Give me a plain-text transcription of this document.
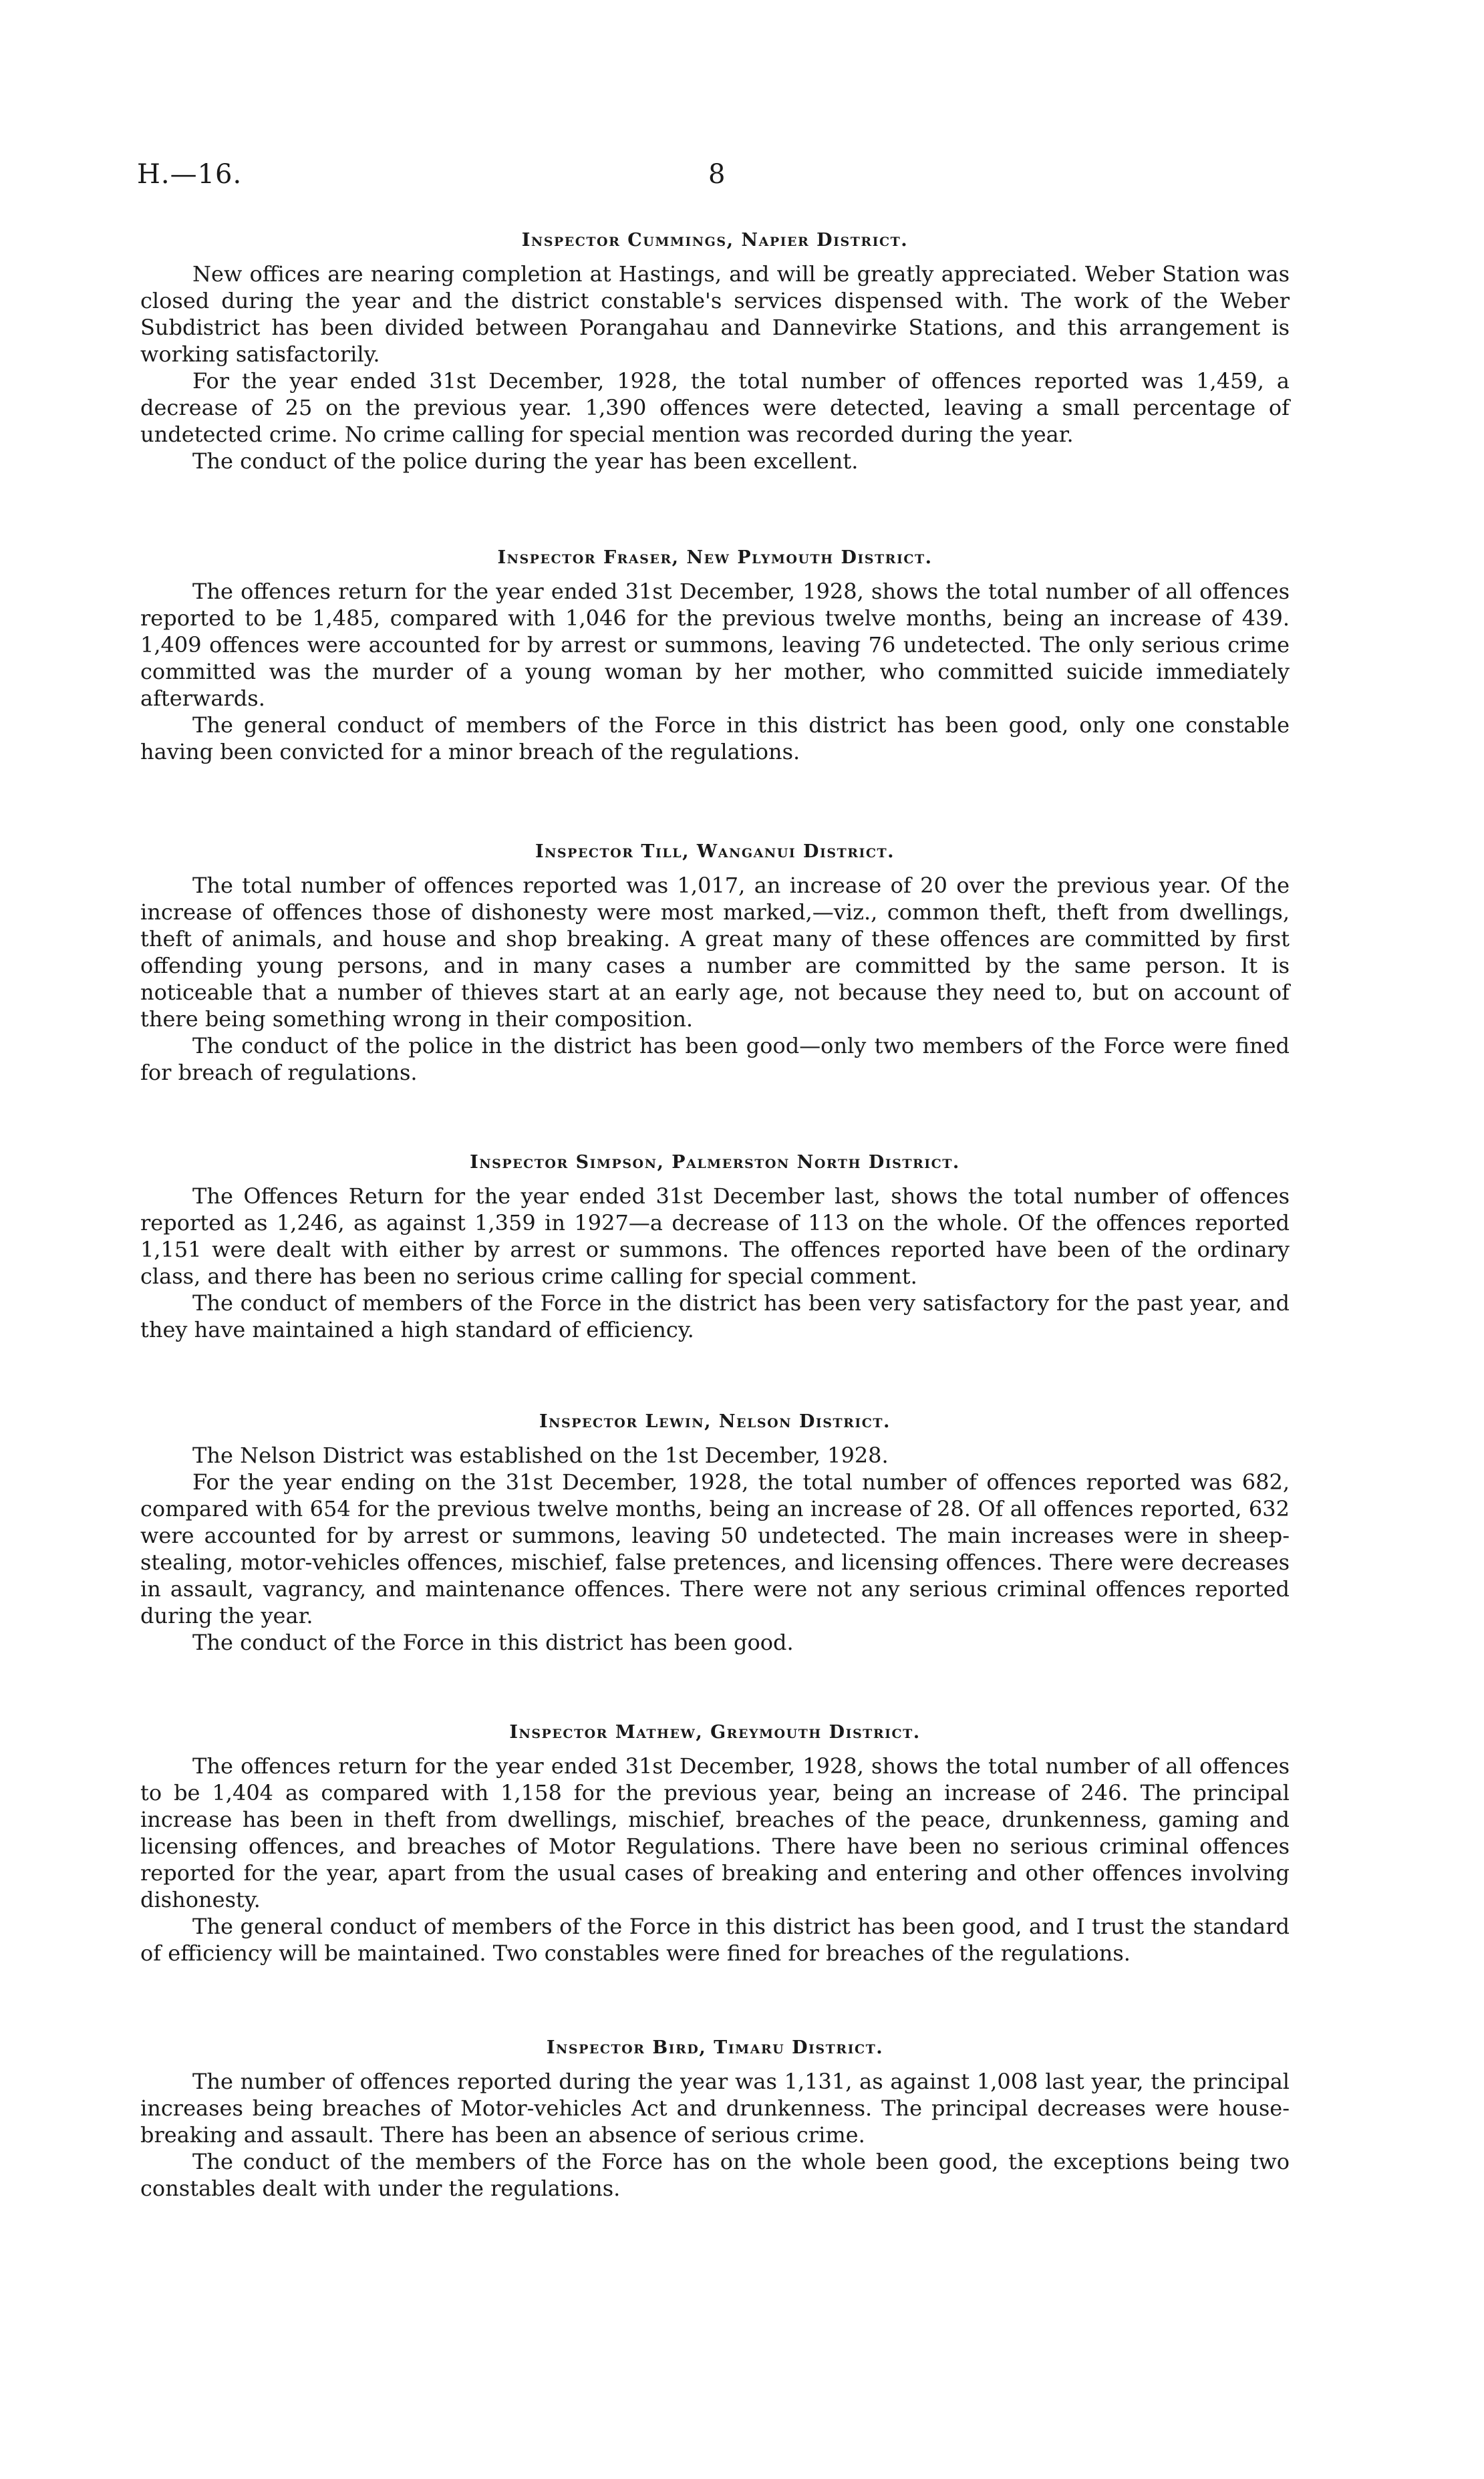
H.—16.	8
Inspector Cummings, Napier District.

New offices are nearing completion at Hastings, and will be greatly appreciated. Weber Station was closed during the year and the district constable's services dispensed with. The work of the Weber Subdistrict has been divided between Porangahau and Dannevirke Stations, and this arrangement is working satisfactorily.

For the year ended 31st December, 1928, the total number of offences reported was 1,459, a decrease of 25 on the previous year. 1,390 offences were detected, leaving a small percentage of undetected crime. No crime calling for special mention was recorded during the year.

The conduct of the police during the year has been excellent.

Inspector Fraser, New Plymouth District.

The offences return for the year ended 31st December, 1928, shows the total number of all offences reported to be 1,485, compared with 1,046 for the previous twelve months, being an increase of 439. 1,409 offences were accounted for by arrest or summons, leaving 76 undetected. The only serious crime committed was the murder of a young woman by her mother, who committed suicide immediately afterwards.

The general conduct of members of the Force in this district has been good, only one constable having been convicted for a minor breach of the regulations.

Inspector Till, Wanganui District.

The total number of offences reported was 1,017, an increase of 20 over the previous year. Of the increase of offences those of dishonesty were most marked,—viz., common theft, theft from dwellings, theft of animals, and house and shop breaking. A great many of these offences are committed by first offending young persons, and in many cases a number are committed by the same person. It is noticeable that a number of thieves start at an early age, not because they need to, but on account of there being something wrong in their composition.

The conduct of the police in the district has been good—only two members of the Force were fined for breach of regulations.

Inspector Simpson, Palmerston North District.

The Offences Return for the year ended 31st December last, shows the total number of offences reported as 1,246, as against 1,359 in 1927—a decrease of 113 on the whole. Of the offences reported 1,151 were dealt with either by arrest or summons. The offences reported have been of the ordinary class, and there has been no serious crime calling for special comment.

The conduct of members of the Force in the district has been very satisfactory for the past year, and they have maintained a high standard of efficiency.

Inspector Lewin, Nelson District.

The Nelson District was established on the 1st December, 1928.

For the year ending on the 31st December, 1928, the total number of offences reported was 682, compared with 654 for the previous twelve months, being an increase of 28. Of all offences reported, 632 were accounted for by arrest or summons, leaving 50 undetected. The main increases were in sheep-stealing, motor-vehicles offences, mischief, false pretences, and licensing offences. There were decreases in assault, vagrancy, and maintenance offences. There were not any serious criminal offences reported during the year.

The conduct of the Force in this district has been good.

Inspector Mathew, Greymouth District.

The offences return for the year ended 31st December, 1928, shows the total number of all offences to be 1,404 as compared with 1,158 for the previous year, being an increase of 246. The principal increase has been in theft from dwellings, mischief, breaches of the peace, drunkenness, gaming and licensing offences, and breaches of Motor Regulations. There have been no serious criminal offences reported for the year, apart from the usual cases of breaking and entering and other offences involving dishonesty.

The general conduct of members of the Force in this district has been good, and I trust the standard of efficiency will be maintained. Two constables were fined for breaches of the regulations.

Inspector Bird, Timaru District.

The number of offences reported during the year was 1,131, as against 1,008 last year, the principal increases being breaches of Motor-vehicles Act and drunkenness. The principal decreases were house-breaking and assault. There has been an absence of serious crime.

The conduct of the members of the Force has on the whole been good, the exceptions being two constables dealt with under the regulations.
